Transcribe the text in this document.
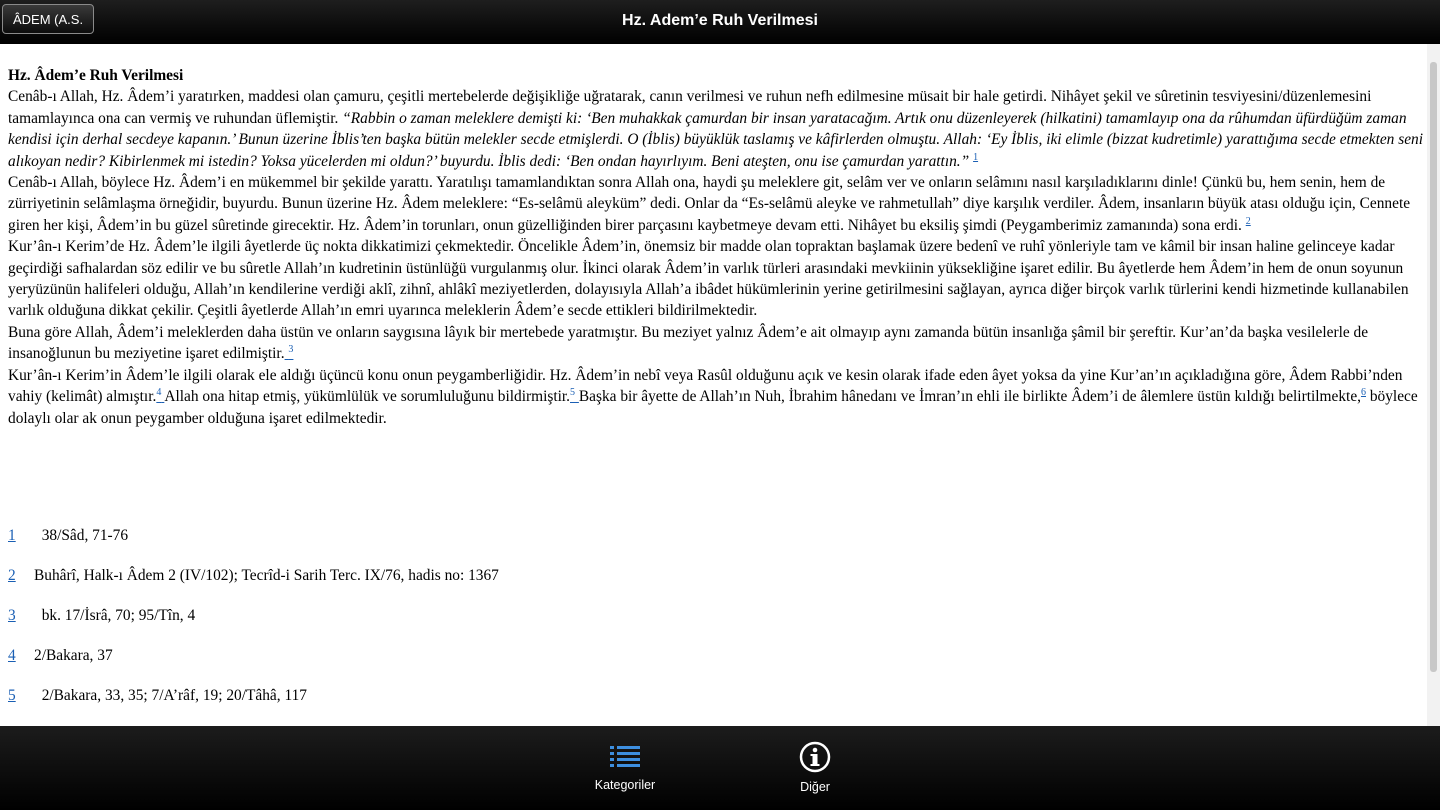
ÂDEM (A.S.	Hz. Adem’e Ruh Verilmesi

Hz. Âdem’e Ruh Verilmesi

Cenâb-ı Allah, Hz. Âdem’i yaratırken, maddesi olan çamuru, çeşitli mertebelerde değişikliğe uğratarak, canın verilmesi ve ruhun nefh edilmesine müsait bir hale getirdi. Nihâyet şekil ve sûretinin tesviyesini/düzenlemesini tamamlayınca ona can vermiş ve ruhundan üflemiştir. “Rabbin o zaman meleklere demişti ki: ‘Ben muhakkak çamurdan bir insan yaratacağım. Artık onu düzenleyerek (hilkatini) tamamlayıp ona da rûhumdan üfürdüğüm zaman kendisi için derhal secdeye kapanın.’ Bunun üzerine İblis’ten başka bütün melekler secde etmişlerdi. O (İblis) büyüklük taslamış ve kâfirlerden olmuştu. Allah: ‘Ey İblis, iki elimle (bizzat kudretimle) yarattığıma secde etmekten seni alıkoyan nedir? Kibirlenmek mi istedin? Yoksa yücelerden mi oldun?’ buyurdu. İblis dedi: ‘Ben ondan hayırlıyım. Beni ateşten, onu ise çamurdan yarattın.” $^1$

Cenâb-ı Allah, böylece Hz. Âdem’i en mükemmel bir şekilde yarattı. Yaratılışı tamamlandıktan sonra Allah ona, haydi şu meleklere git, selâm ver ve onların selâmını nasıl karşıladıklarını dinle! Çünkü bu, hem senin, hem de zürriyetinin selâmlaşma örneğidir, buyurdu. Bunun üzerine Hz. Âdem meleklere: “Es-selâmü aleyküm” dedi. Onlar da “Es-selâmü aleyke ve rahmetullah” diye karşılık verdiler. Âdem, insanların büyük atası olduğu için, Cennete giren her kişi, Âdem’in bu güzel sûretinde girecektir. Hz. Âdem’in torunları, onun güzelliğinden birer parçasını kaybetmeye devam etti. Nihâyet bu eksiliş şimdi (Peygamberimiz zamanında) sona erdi. $^2$

Kur’ân-ı Kerim’de Hz. Âdem’le ilgili âyetlerde üç nokta dikkatimizi çekmektedir. Öncelikle Âdem’in, önemsiz bir madde olan topraktan başlamak üzere bedenî ve ruhî yönleriyle tam ve kâmil bir insan haline gelinceye kadar geçirdiği safhalardan söz edilir ve bu sûretle Allah’ın kudretinin üstünlüğü vurgulanmış olur. İkinci olarak Âdem’in varlık türleri arasındaki mevkiinin yüksekliğine işaret edilir. Bu âyetlerde hem Âdem’in hem de onun soyunun yeryüzünün halifeleri olduğu, Allah’ın kendilerine verdiği aklî, zihnî, ahlâkî meziyetlerden, dolayısıyla Allah’a ibâdet hükümlerinin yerine getirilmesini sağlayan, ayrıca diğer birçok varlık türlerini kendi hizmetinde kullanabilen varlık olduğuna dikkat çekilir. Çeşitli âyetlerde Allah’ın emri uyarınca meleklerin Âdem’e secde ettikleri bildirilmektedir.

Buna göre Allah, Âdem’i meleklerden daha üstün ve onların saygısına lâyık bir mertebede yaratmıştır. Bu meziyet yalnız Âdem’e ait olmayıp aynı zamanda bütün insanlığa şâmil bir şereftir. Kur’an’da başka vesilelerle de insanoğlunun bu meziyetine işaret edilmiştir. $^3$

Kur’ân-ı Kerim’in Âdem’le ilgili olarak ele aldığı üçüncü konu onun peygamberliğidir. Hz. Âdem’in nebî veya Rasûl olduğunu açık ve kesin olarak ifade eden âyet yoksa da yine Kur’an’ın açıkladığına göre, Âdem Rabbi’nden vahiy (kelimât) almıştır.$^4$ Allah ona hitap etmiş, yükümlülük ve sorumluluğunu bildirmiştir.$^5$ Başka bir âyette de Allah’ın Nuh, İbrahim hânedanı ve İmran’ın ehli ile birlikte Âdem’i de âlemlere üstün kıldığı belirtilmekte,$^6$ böylece dolaylı olar ak onun peygamber olduğuna işaret edilmektedir.

1	38/Sâd, 71-76
2	Buhârî, Halk-ı Âdem 2 (IV/102); Tecrîd-i Sarih Terc. IX/76, hadis no: 1367
3	bk. 17/İsrâ, 70; 95/Tîn, 4
4	2/Bakara, 37
5	2/Bakara, 33, 35; 7/A’râf, 19; 20/Tâhâ, 117
Kategoriler	Diğer
